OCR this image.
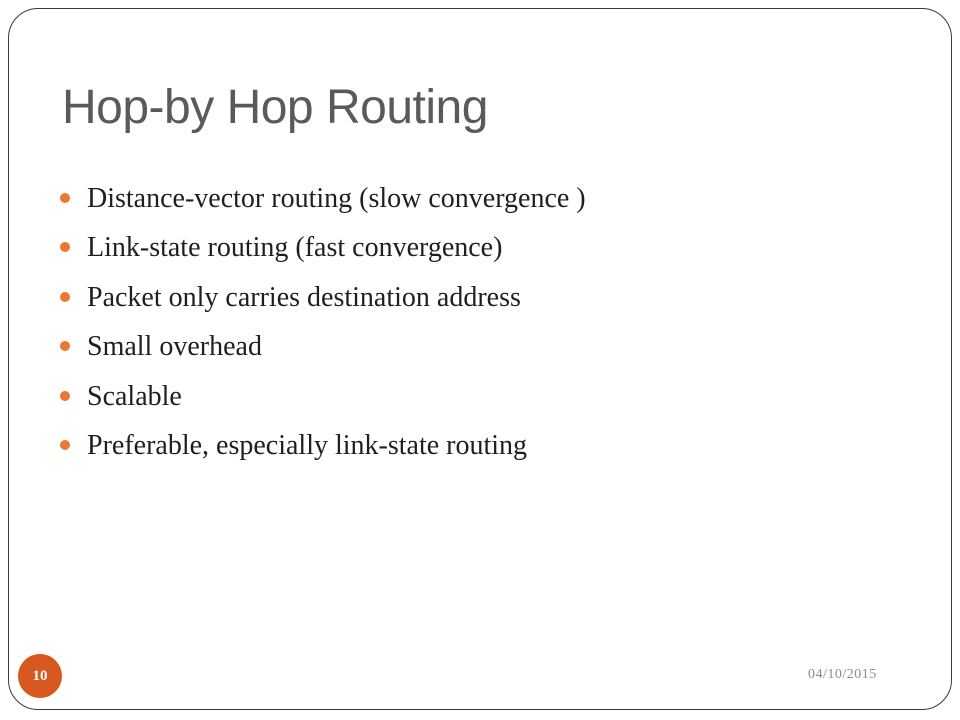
Hop-by Hop Routing
Distance-vector routing (slow convergence )
Link-state routing (fast convergence)
Packet only carries destination address
Small overhead
Scalable
Preferable, especially link-state routing
10	04/10/2015
